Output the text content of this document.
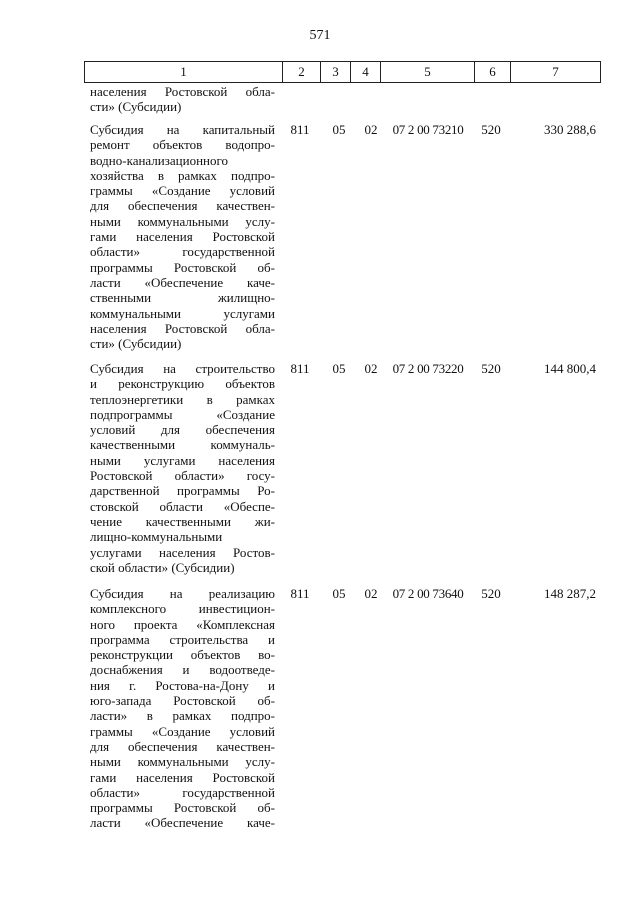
571
1	2	3	4	5	6	7
населения Ростовской обла-
сти» (Субсидии)
Субсидия на капитальный
ремонт объектов водопро-
водно-канализационного
хозяйства в рамках подпро-
граммы «Создание условий
для обеспечения качествен-
ными коммунальными услу-
гами населения Ростовской
области» государственной
программы Ростовской об-
ласти «Обеспечение каче-
ственными жилищно-
коммунальными услугами
населения Ростовской обла-
сти» (Субсидии)
811	05	02	07 2 00 73210	520	330 288,6
Субсидия на строительство
и реконструкцию объектов
теплоэнергетики в рамках
подпрограммы «Создание
условий для обеспечения
качественными коммуналь-
ными услугами населения
Ростовской области» госу-
дарственной программы Ро-
стовской области «Обеспе-
чение качественными жи-
лищно-коммунальными
услугами населения Ростов-
ской области» (Субсидии)
811	05	02	07 2 00 73220	520	144 800,4
Субсидия на реализацию
комплексного инвестицион-
ного проекта «Комплексная
программа строительства и
реконструкции объектов во-
доснабжения и водоотведе-
ния г. Ростова-на-Дону и
юго-запада Ростовской об-
ласти» в рамках подпро-
граммы «Создание условий
для обеспечения качествен-
ными коммунальными услу-
гами населения Ростовской
области» государственной
программы Ростовской об-
ласти «Обеспечение каче-
811	05	02	07 2 00 73640	520	148 287,2
